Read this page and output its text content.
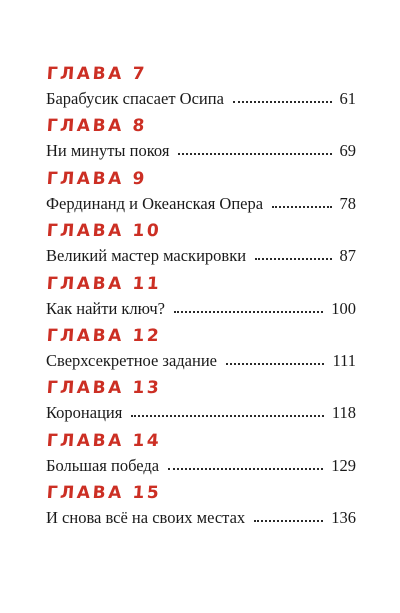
ГЛАВА 7
Барабусик спасает Осипа	61
ГЛАВА 8
Ни минуты покоя	69
ГЛАВА 9
Фердинанд и Океанская Опера	78
ГЛАВА 10
Великий мастер маскировки	87
ГЛАВА 11
Как найти ключ?	100
ГЛАВА 12
Сверхсекретное задание	111
ГЛАВА 13
Коронация	118
ГЛАВА 14
Большая победа	129
ГЛАВА 15
И снова всё на своих местах	136
